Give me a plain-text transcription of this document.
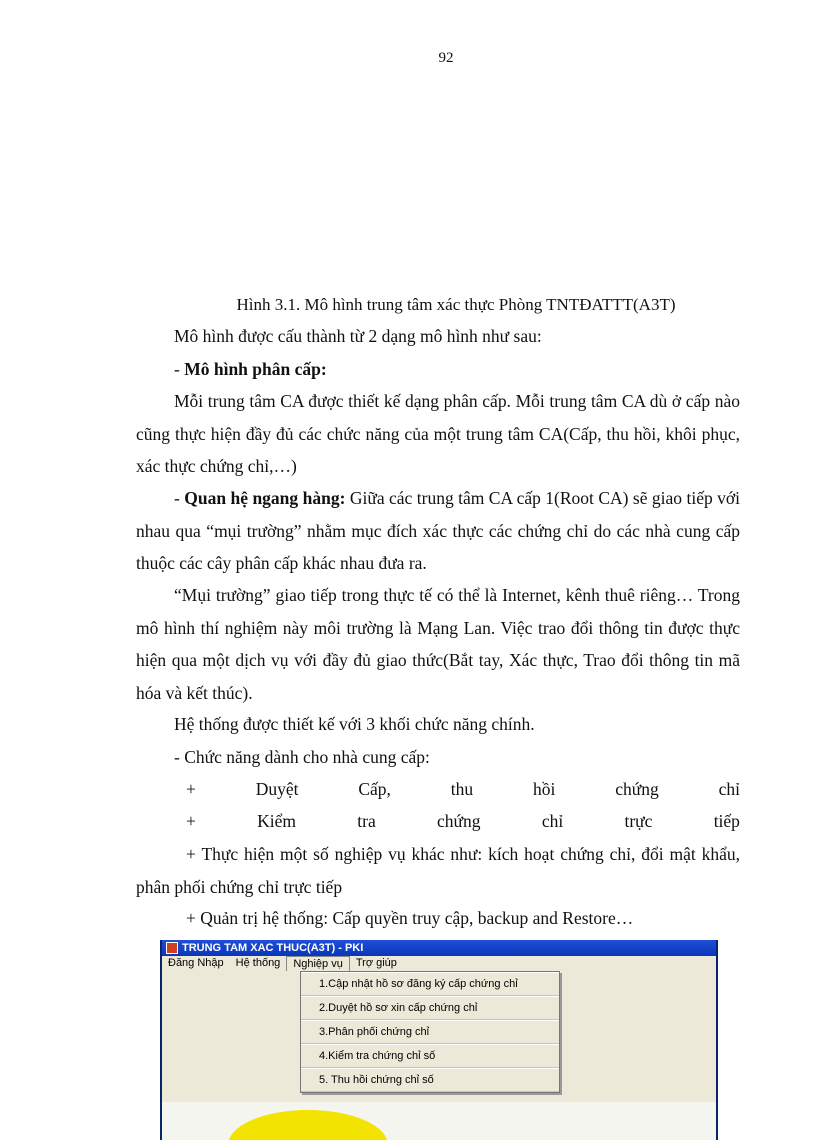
92
Hình 3.1. Mô hình trung tâm xác thực Phòng TNTĐATTT(A3T)
Mô hình được cấu thành từ 2 dạng mô hình như sau:
- Mô hình phân cấp:
Mỗi trung tâm CA được thiết kế dạng phân cấp. Mỗi trung tâm CA dù ở cấp nào cũng thực hiện đầy đủ các chức năng của một trung tâm CA(Cấp, thu hồi, khôi phục, xác thực chứng chỉ,…)
- Quan hệ ngang hàng: Giữa các trung tâm CA cấp 1(Root CA) sẽ giao tiếp với nhau qua “mụi trường” nhằm mục đích xác thực các chứng chỉ do các nhà cung cấp thuộc các cây phân cấp khác nhau đưa ra.
“Mụi trường” giao tiếp trong thực tế có thể là Internet, kênh thuê riêng… Trong mô hình thí nghiệm này môi trường là Mạng Lan. Việc trao đổi thông tin được thực hiện qua một dịch vụ với đầy đủ giao thức(Bắt tay, Xác thực, Trao đổi thông tin mã hóa và kết thúc).
Hệ thống được thiết kế với 3 khối chức năng chính.
- Chức năng dành cho nhà cung cấp:
+	Duyệt	Cấp,	thu	hồi	chứng	chỉ
+	Kiểm	tra	chứng	chỉ	trực	tiếp
+ Thực hiện một số nghiệp vụ khác như: kích hoạt chứng chỉ, đổi mật khẩu, phân phối chứng chỉ trực tiếp
+ Quản trị hệ thống: Cấp quyền truy cập, backup and Restore…
TRUNG TAM XAC THUC(A3T) - PKI
Đăng Nhập	Hệ thống	Nghiệp vụ	Trợ giúp
1.Cập nhật hồ sơ đăng ký cấp chứng chỉ
2.Duyệt hồ sơ xin cấp chứng chỉ
3.Phân phối chứng chỉ
4.Kiểm tra chứng chỉ số
5. Thu hồi chứng chỉ số
